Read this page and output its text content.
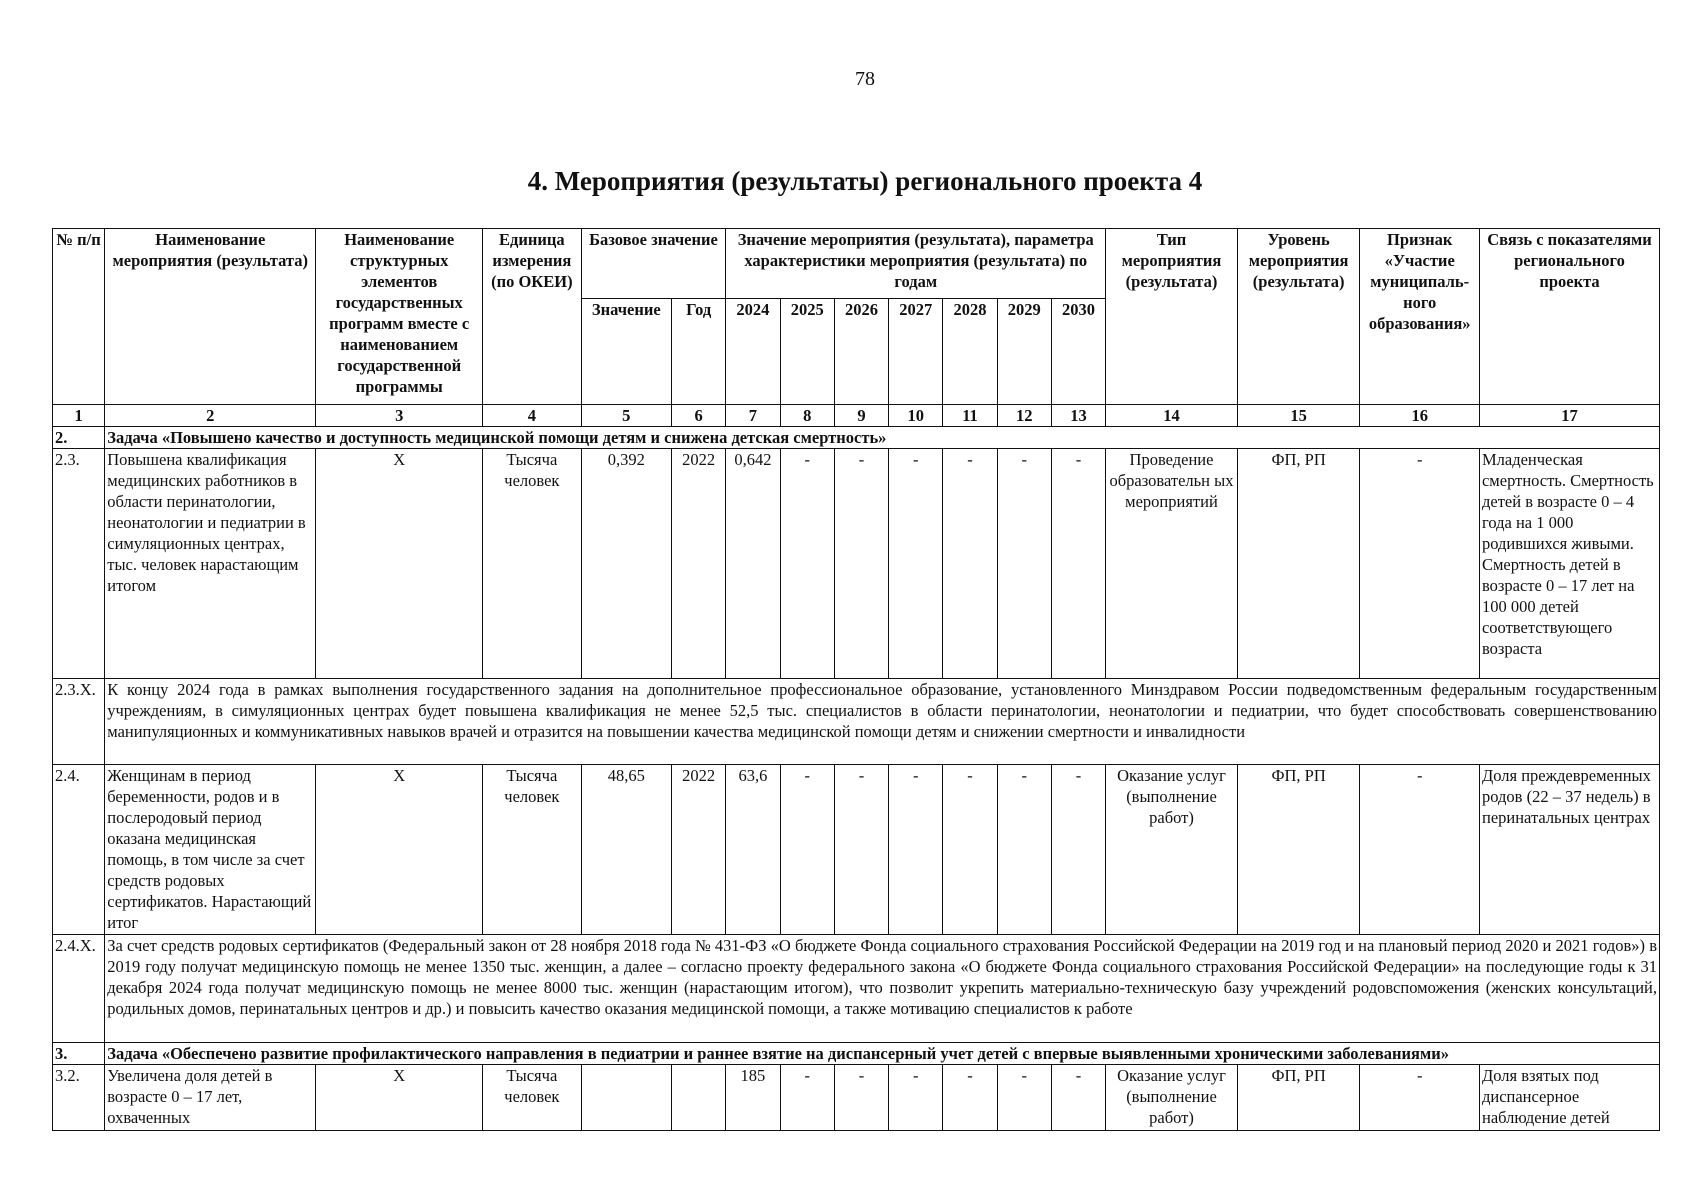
78
4. Мероприятия (результаты) регионального проекта 4
№ п/п	Наименование мероприятия (результата)	Наименование структурных элементов государственных программ вместе с наименованием государственной программы	Единица измерения (по ОКЕИ)	Базовое значение		Значение мероприятия (результата), параметра характеристики мероприятия (результата) по годам							Тип мероприятия (результата)	Уровень мероприятия (результата)	Признак «Участие муниципаль- ного образования»	Связь с показателями регионального проекта
				Значение	Год	2024	2025	2026	2027	2028	2029	2030				
1	2	3	4	5	6	7	8	9	10	11	12	13	14	15	16	17
2.	Задача «Повышено качество и доступность медицинской помощи детям и снижена детская смертность»															
2.3.	Повышена квалификация медицинских работников в области перинатологии, неонатологии и педиатрии в симуляционных центрах, тыс. человек нарастающим итогом	Х	Тысяча человек	0,392	2022	0,642	-	-	-	-	-	-	Проведение образовательн ых мероприятий	ФП, РП	-	Младенческая смертность. Смертность детей в возрасте 0 – 4 года на 1 000 родившихся живыми. Смертность детей в возрасте 0 – 17 лет на 100 000 детей соответствующего возраста
2.3.Х.	К концу 2024 года в рамках выполнения государственного задания на дополнительное профессиональное образование, установленного Минздравом России подведомственным федеральным государственным учреждениям, в симуляционных центрах будет повышена квалификация не менее 52,5 тыс. специалистов в области перинатологии, неонатологии и педиатрии, что будет способствовать совершенствованию манипуляционных и коммуникативных навыков врачей и отразится на повышении качества медицинской помощи детям и снижении смертности и инвалидности															
2.4.	Женщинам в период беременности, родов и в послеродовый период оказана медицинская помощь, в том числе за счет средств родовых сертификатов. Нарастающий итог	Х	Тысяча человек	48,65	2022	63,6	-	-	-	-	-	-	Оказание услуг (выполнение работ)	ФП, РП	-	Доля преждевременных родов (22 – 37 недель) в перинатальных центрах
2.4.Х.	За счет средств родовых сертификатов (Федеральный закон от 28 ноября 2018 года № 431-ФЗ «О бюджете Фонда социального страхования Российской Федерации на 2019 год и на плановый период 2020 и 2021 годов») в 2019 году получат медицинскую помощь не менее 1350 тыс. женщин, а далее – согласно проекту федерального закона «О бюджете Фонда социального страхования Российской Федерации» на последующие годы к 31 декабря 2024 года получат медицинскую помощь не менее 8000 тыс. женщин (нарастающим итогом), что позволит укрепить материально-техническую базу учреждений родовспоможения (женских консультаций, родильных домов, перинатальных центров и др.) и повысить качество оказания медицинской помощи, а также мотивацию специалистов к работе															
3.	Задача «Обеспечено развитие профилактического направления в педиатрии и раннее взятие на диспансерный учет детей с впервые выявленными хроническими заболеваниями»															
3.2.	Увеличена доля детей в возрасте 0 – 17 лет, охваченных	Х	Тысяча человек			185	-	-	-	-	-	-	Оказание услуг (выполнение работ)	ФП, РП	-	Доля взятых под диспансерное наблюдение детей
